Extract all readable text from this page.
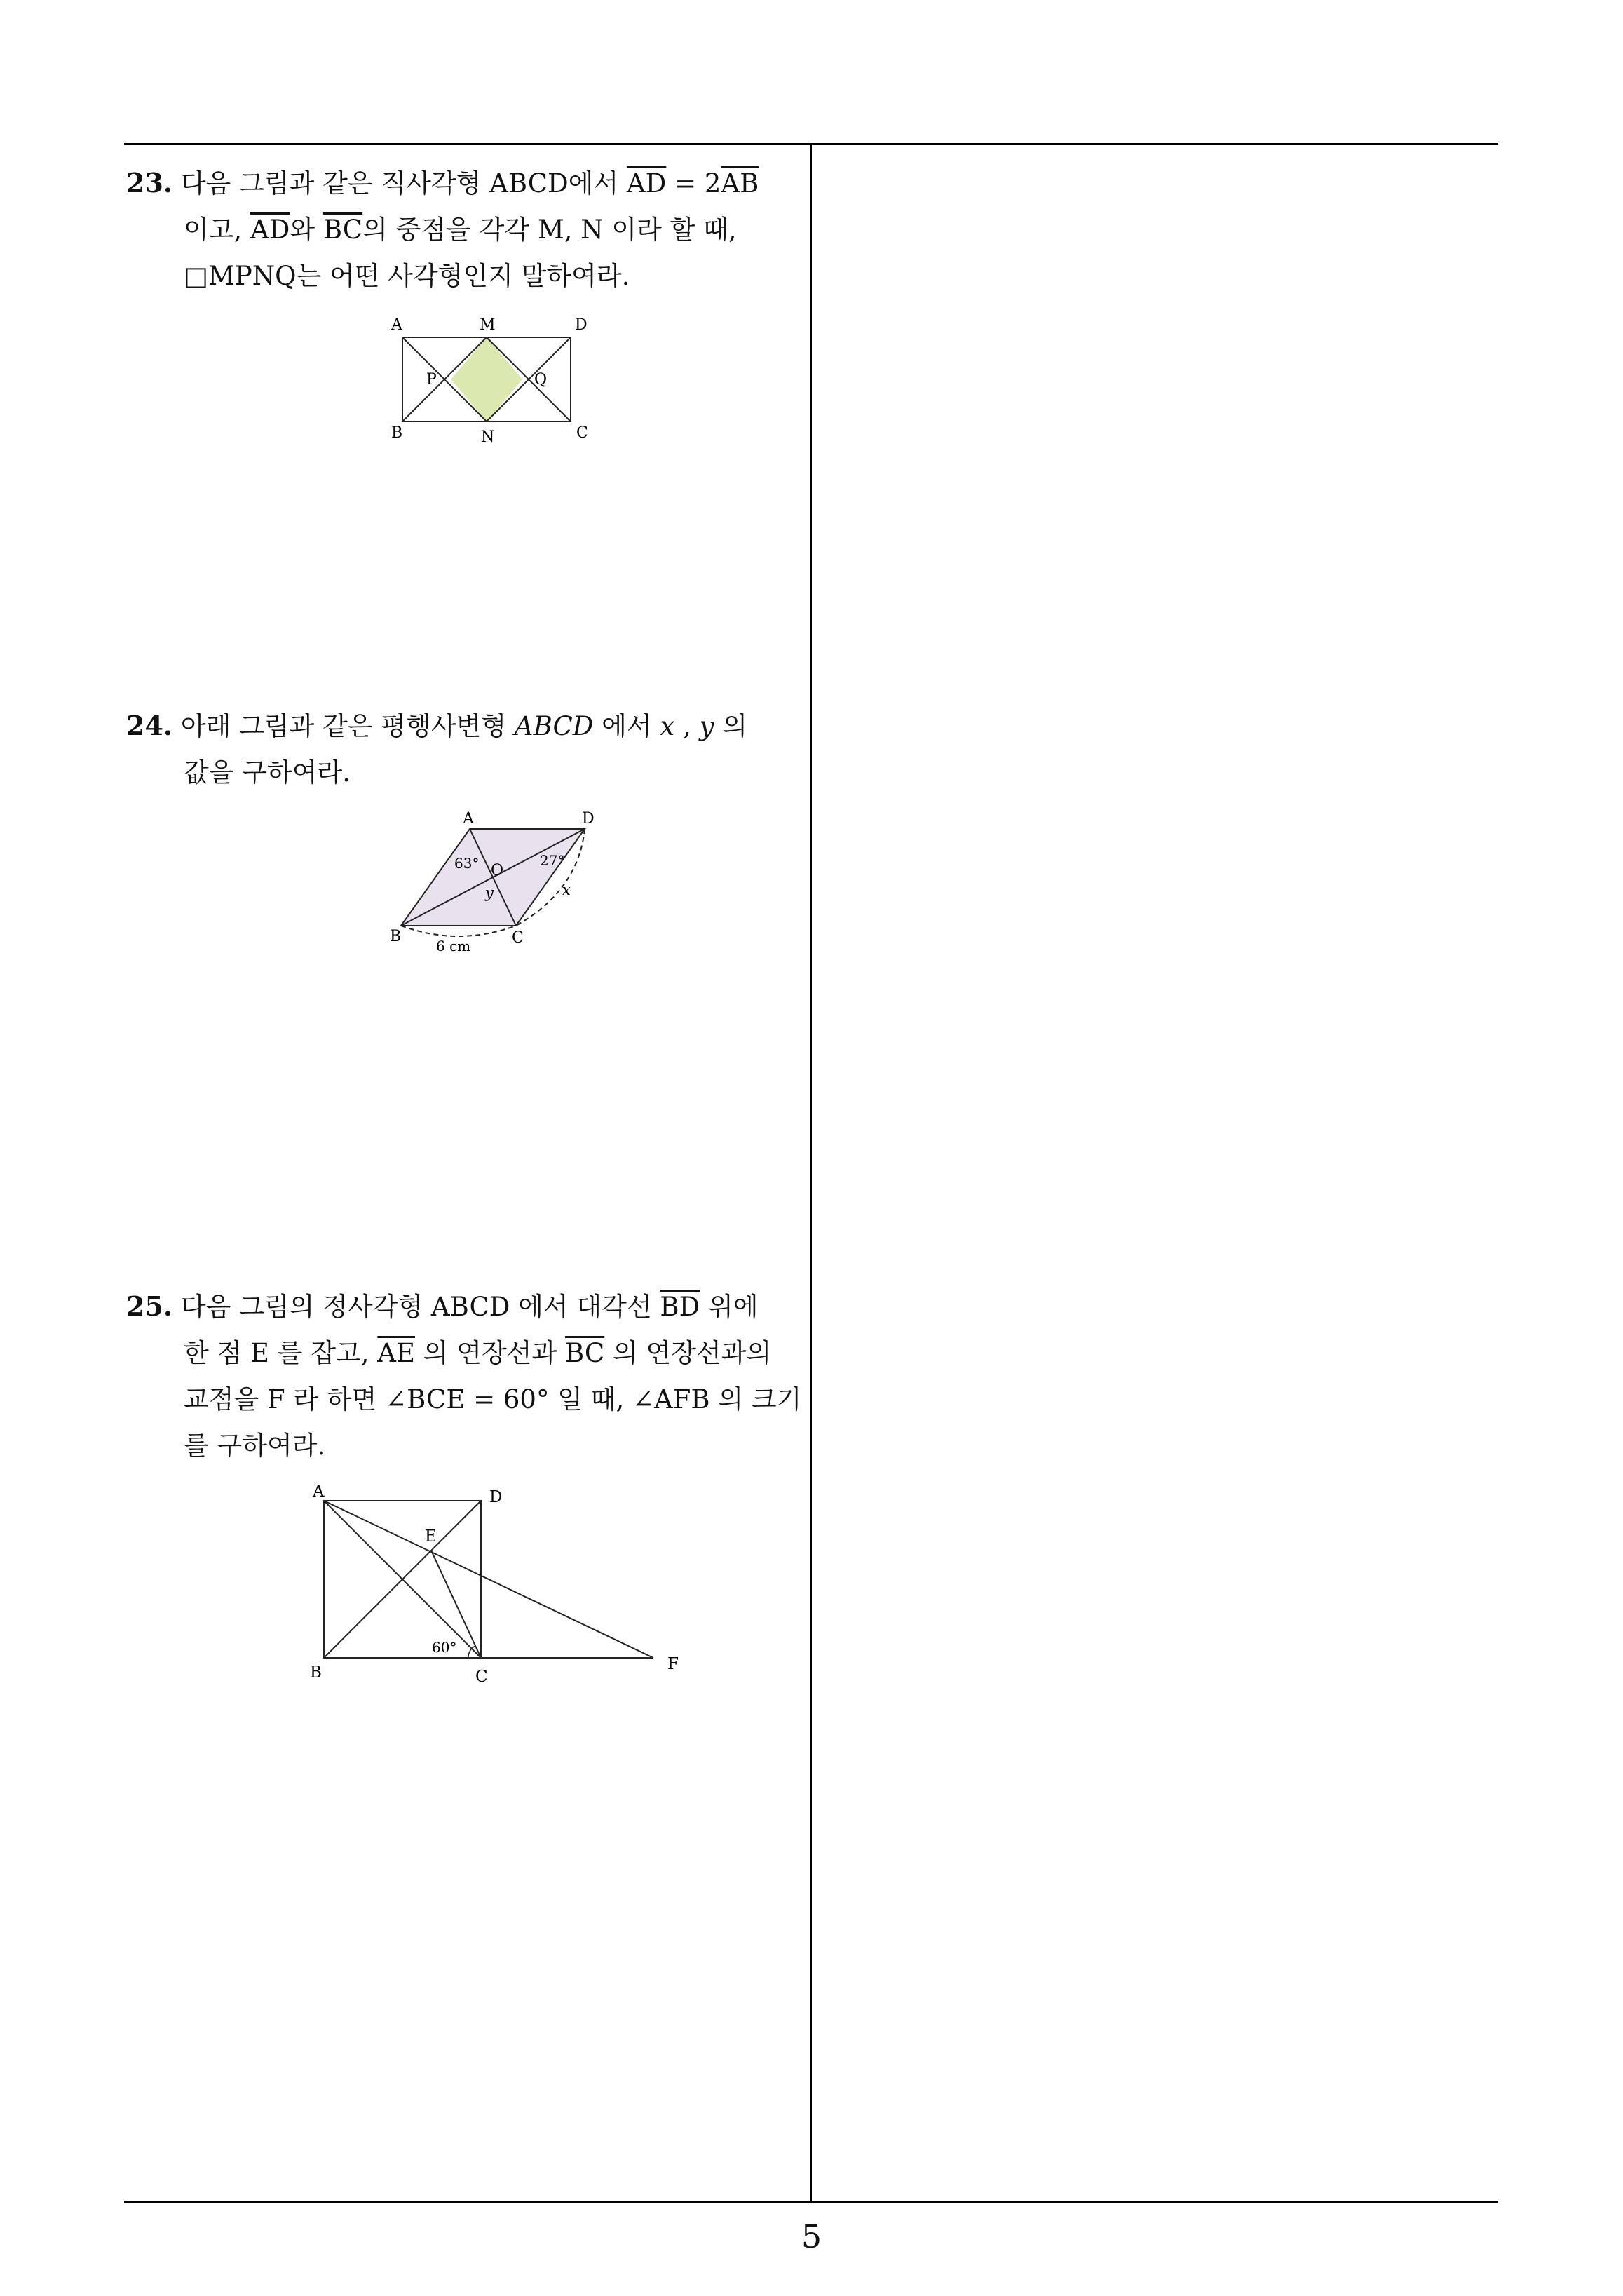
5
23. 다음 그림과 같은 직사각형 ABCD에서 $\overline{AD} = 2\overline{AB}$
이고, $\overline{AD}$와 $\overline{BC}$의 중점을 각각 M, N 이라 할 때,
□MPNQ는 어떤 사각형인지 말하여라.
A	M	D
P	Q
B	N	C
24. 아래 그림과 같은 평행사변형 ABCD 에서 x , y 의
값을 구하여라.
A	D
O
63°	27°
y	x
B	C
6 cm
25. 다음 그림의 정사각형 ABCD 에서 대각선 $\overline{BD}$ 위에
한 점 E 를 잡고, $\overline{AE}$ 의 연장선과 $\overline{BC}$ 의 연장선과의
교점을 F 라 하면 ∠BCE = 60° 일 때, ∠AFB 의 크기
를 구하여라.
A	D
E
B	C
F
60°
